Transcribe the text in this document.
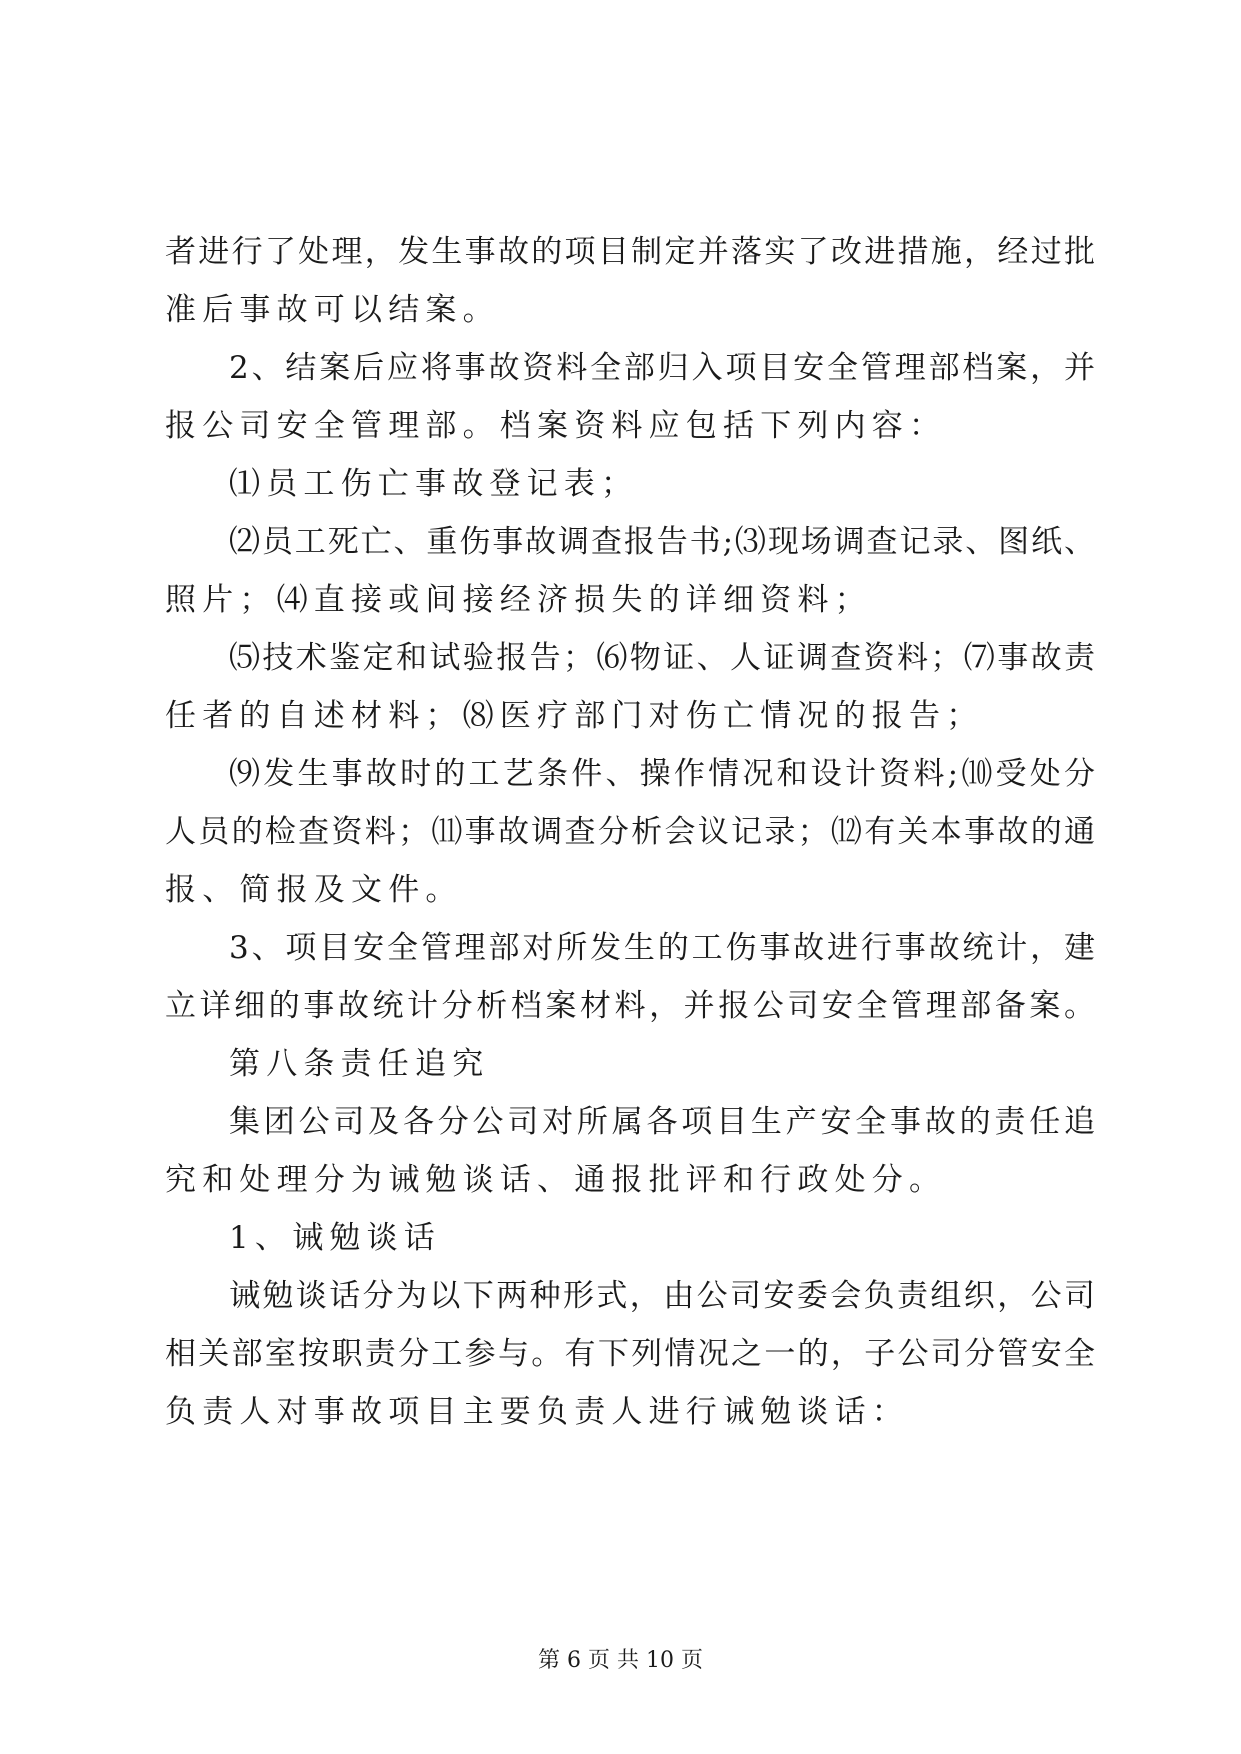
者进行了处理，发生事故的项目制定并落实了改进措施，经过批
准后事故可以结案。
2、结案后应将事故资料全部归入项目安全管理部档案，并
报公司安全管理部。档案资料应包括下列内容：
⑴员工伤亡事故登记表；
⑵员工死亡、重伤事故调查报告书;⑶现场调查记录、图纸、
照片；⑷直接或间接经济损失的详细资料；
⑸技术鉴定和试验报告；⑹物证、人证调查资料；⑺事故责
任者的自述材料；⑻医疗部门对伤亡情况的报告；
⑼发生事故时的工艺条件、操作情况和设计资料;⑽受处分
人员的检查资料；⑾事故调查分析会议记录；⑿有关本事故的通
报、简报及文件。
3、项目安全管理部对所发生的工伤事故进行事故统计，建
立详细的事故统计分析档案材料，并报公司安全管理部备案。
第八条责任追究
集团公司及各分公司对所属各项目生产安全事故的责任追
究和处理分为诫勉谈话、通报批评和行政处分。
1、诫勉谈话
诫勉谈话分为以下两种形式，由公司安委会负责组织，公司
相关部室按职责分工参与。有下列情况之一的，子公司分管安全
负责人对事故项目主要负责人进行诫勉谈话：
第 6 页 共 10 页
